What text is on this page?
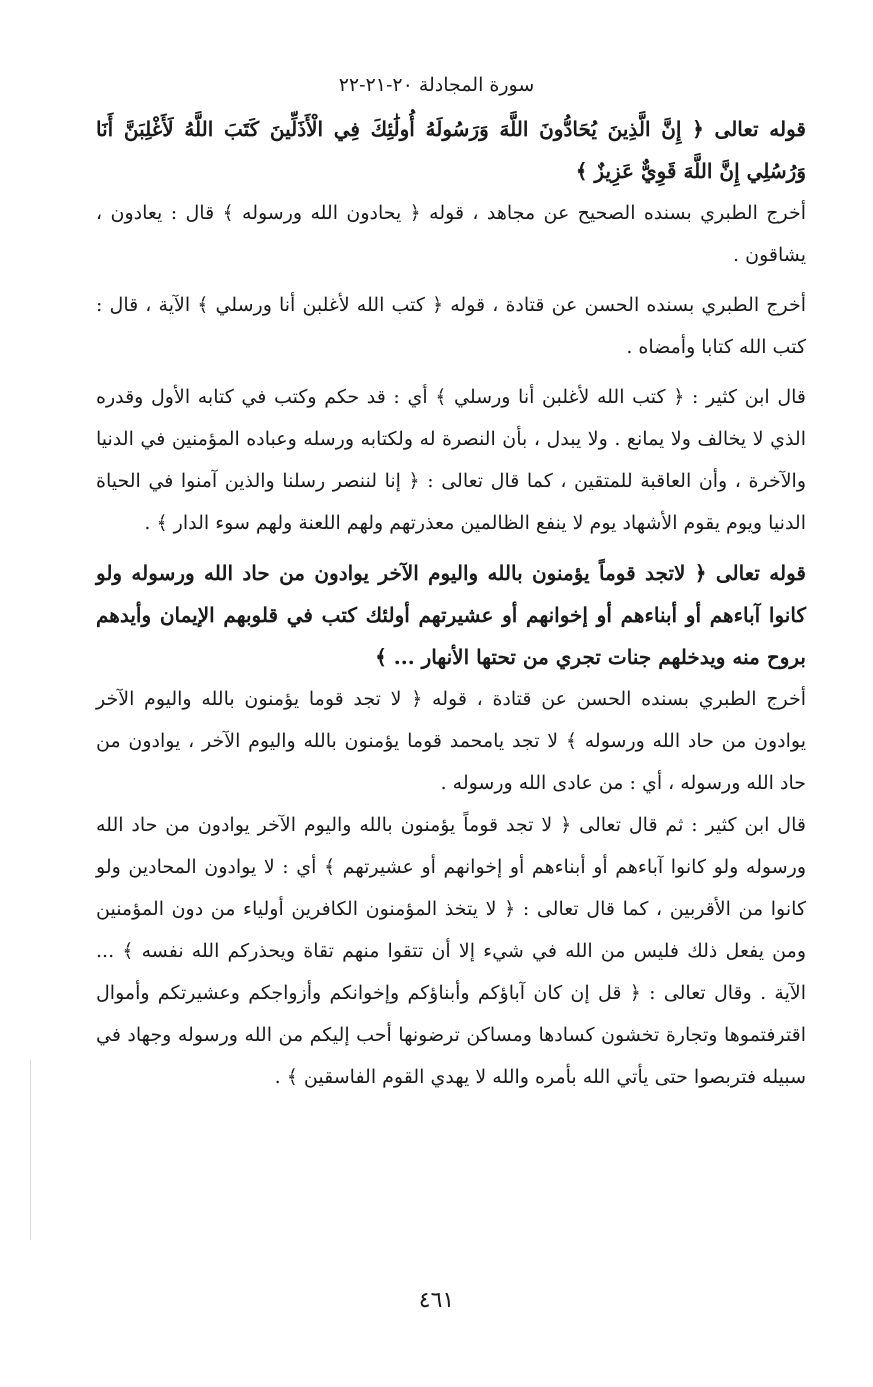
سورة المجادلة ٢٠-٢١-٢٢

قوله تعالى ﴿ إِنَّ الَّذِينَ يُحَادُّونَ اللَّهَ وَرَسُولَهُ أُولَٰئِكَ فِي الْأَذَلِّينَ كَتَبَ اللَّهُ لَأَغْلِبَنَّ أَنَا وَرُسُلِي إِنَّ اللَّهَ قَوِيٌّ عَزِيزٌ ﴾

أخرج الطبري بسنده الصحيح عن مجاهد ، قوله ﴿ يحادون الله ورسوله ﴾ قال : يعادون ، يشاقون .

أخرج الطبري بسنده الحسن عن قتادة ، قوله ﴿ كتب الله لأغلبن أنا ورسلي ﴾ الآية ، قال : كتب الله كتابا وأمضاه .

قال ابن كثير : ﴿ كتب الله لأغلبن أنا ورسلي ﴾ أي : قد حكم وكتب في كتابه الأول وقدره الذي لا يخالف ولا يمانع . ولا يبدل ، بأن النصرة له ولكتابه ورسله وعباده المؤمنين في الدنيا والآخرة ، وأن العاقبة للمتقين ، كما قال تعالى : ﴿ إنا لننصر رسلنا والذين آمنوا في الحياة الدنيا ويوم يقوم الأشهاد يوم لا ينفع الظالمين معذرتهم ولهم اللعنة ولهم سوء الدار ﴾ .

قوله تعالى ﴿ لاتجد قوماً يؤمنون بالله واليوم الآخر يوادون من حاد الله ورسوله ولو كانوا آباءهم أو أبناءهم أو إخوانهم أو عشيرتهم أولئك كتب في قلوبهم الإيمان وأيدهم بروح منه ويدخلهم جنات تجري من تحتها الأنهار ... ﴾

أخرج الطبري بسنده الحسن عن قتادة ، قوله ﴿ لا تجد قوما يؤمنون بالله واليوم الآخر يوادون من حاد الله ورسوله ﴾ لا تجد يامحمد قوما يؤمنون بالله واليوم الآخر ، يوادون من حاد الله ورسوله ، أي : من عادى الله ورسوله .

قال ابن كثير : ثم قال تعالى ﴿ لا تجد قوماً يؤمنون بالله واليوم الآخر يوادون من حاد الله ورسوله ولو كانوا آباءهم أو أبناءهم أو إخوانهم أو عشيرتهم ﴾ أي : لا يوادون المحادين ولو كانوا من الأقربين ، كما قال تعالى : ﴿ لا يتخذ المؤمنون الكافرين أولياء من دون المؤمنين ومن يفعل ذلك فليس من الله في شيء إلا أن تتقوا منهم تقاة ويحذركم الله نفسه ﴾ ... الآية . وقال تعالى : ﴿ قل إن كان آباؤكم وأبناؤكم وإخوانكم وأزواجكم وعشيرتكم وأموال اقترفتموها وتجارة تخشون كسادها ومساكن ترضونها أحب إليكم من الله ورسوله وجهاد في سبيله فتربصوا حتى يأتي الله بأمره والله لا يهدي القوم الفاسقين ﴾ .

٤٦١
